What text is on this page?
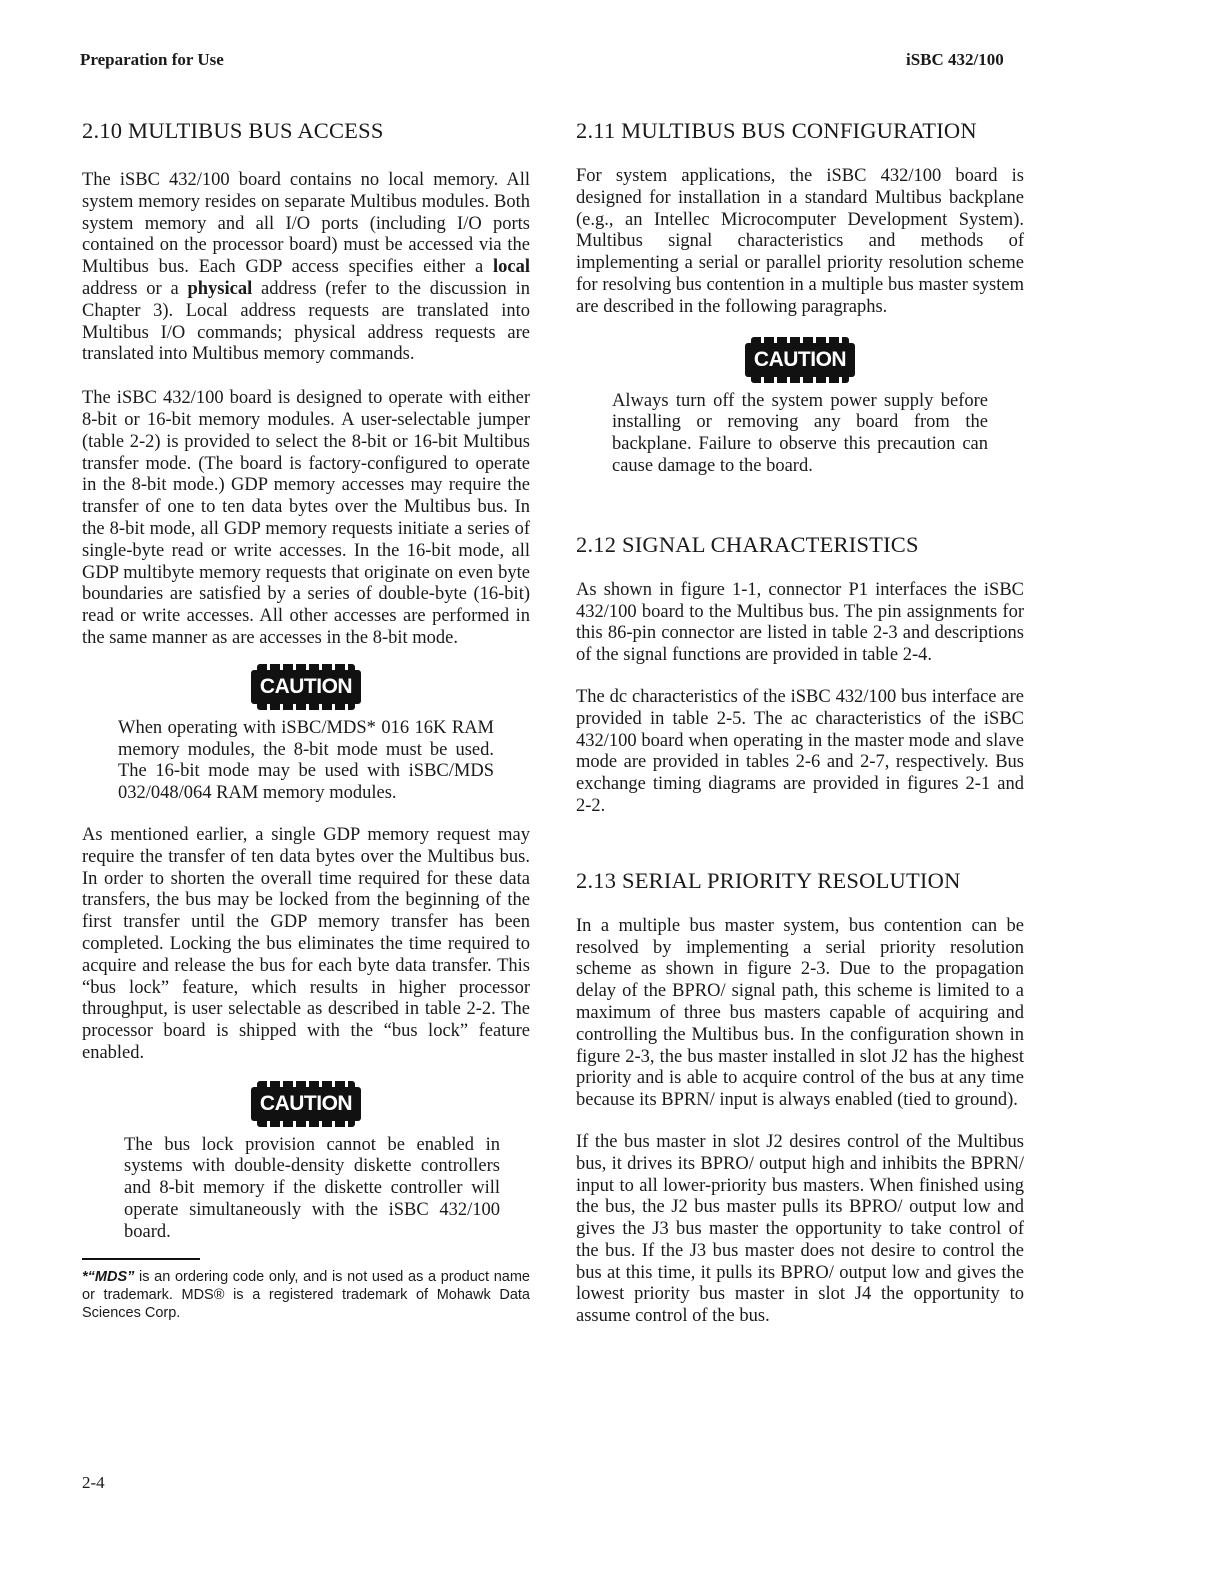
Preparation for Use	iSBC 432/100
2.10 MULTIBUS BUS ACCESS

The iSBC 432/100 board contains no local memory. All system memory resides on separate Multibus modules. Both system memory and all I/O ports (including I/O ports contained on the processor board) must be accessed via the Multibus bus. Each GDP access specifies either a local address or a physical address (refer to the discussion in Chapter 3). Local address requests are translated into Multibus I/O commands; physical address requests are translated into Multibus memory commands.

The iSBC 432/100 board is designed to operate with either 8-bit or 16-bit memory modules. A user-selectable jumper (table 2-2) is provided to select the 8-bit or 16-bit Multibus transfer mode. (The board is factory-configured to operate in the 8-bit mode.) GDP memory accesses may require the transfer of one to ten data bytes over the Multibus bus. In the 8-bit mode, all GDP memory requests initiate a series of single-byte read or write accesses. In the 16-bit mode, all GDP multibyte memory requests that originate on even byte boundaries are satisfied by a series of double-byte (16-bit) read or write accesses. All other accesses are performed in the same manner as are accesses in the 8-bit mode.

CAUTION

When operating with iSBC/MDS* 016 16K RAM memory modules, the 8-bit mode must be used. The 16-bit mode may be used with iSBC/MDS 032/048/064 RAM memory modules.

As mentioned earlier, a single GDP memory request may require the transfer of ten data bytes over the Multibus bus. In order to shorten the overall time required for these data transfers, the bus may be locked from the beginning of the first transfer until the GDP memory transfer has been completed. Locking the bus eliminates the time required to acquire and release the bus for each byte data transfer. This “bus lock” feature, which results in higher processor throughput, is user selectable as described in table 2-2. The processor board is shipped with the “bus lock” feature enabled.

CAUTION

The bus lock provision cannot be enabled in systems with double-density diskette controllers and 8-bit memory if the diskette controller will operate simultaneously with the iSBC 432/100 board.

*“MDS” is an ordering code only, and is not used as a product name or trademark. MDS® is a registered trademark of Mohawk Data Sciences Corp.

2.11 MULTIBUS BUS CONFIGURATION

For system applications, the iSBC 432/100 board is designed for installation in a standard Multibus backplane (e.g., an Intellec Microcomputer Development System). Multibus signal characteristics and methods of implementing a serial or parallel priority resolution scheme for resolving bus contention in a multiple bus master system are described in the following paragraphs.

CAUTION

Always turn off the system power supply before installing or removing any board from the backplane. Failure to observe this precaution can cause damage to the board.

2.12 SIGNAL CHARACTERISTICS

As shown in figure 1-1, connector P1 interfaces the iSBC 432/100 board to the Multibus bus. The pin assignments for this 86-pin connector are listed in table 2-3 and descriptions of the signal functions are provided in table 2-4.

The dc characteristics of the iSBC 432/100 bus interface are provided in table 2-5. The ac characteristics of the iSBC 432/100 board when operating in the master mode and slave mode are provided in tables 2-6 and 2-7, respectively. Bus exchange timing diagrams are provided in figures 2-1 and 2-2.

2.13 SERIAL PRIORITY RESOLUTION

In a multiple bus master system, bus contention can be resolved by implementing a serial priority resolution scheme as shown in figure 2-3. Due to the propagation delay of the BPRO/ signal path, this scheme is limited to a maximum of three bus masters capable of acquiring and controlling the Multibus bus. In the configuration shown in figure 2-3, the bus master installed in slot J2 has the highest priority and is able to acquire control of the bus at any time because its BPRN/ input is always enabled (tied to ground).

If the bus master in slot J2 desires control of the Multibus bus, it drives its BPRO/ output high and inhibits the BPRN/ input to all lower-priority bus masters. When finished using the bus, the J2 bus master pulls its BPRO/ output low and gives the J3 bus master the opportunity to take control of the bus. If the J3 bus master does not desire to control the bus at this time, it pulls its BPRO/ output low and gives the lowest priority bus master in slot J4 the opportunity to assume control of the bus.

2-4
